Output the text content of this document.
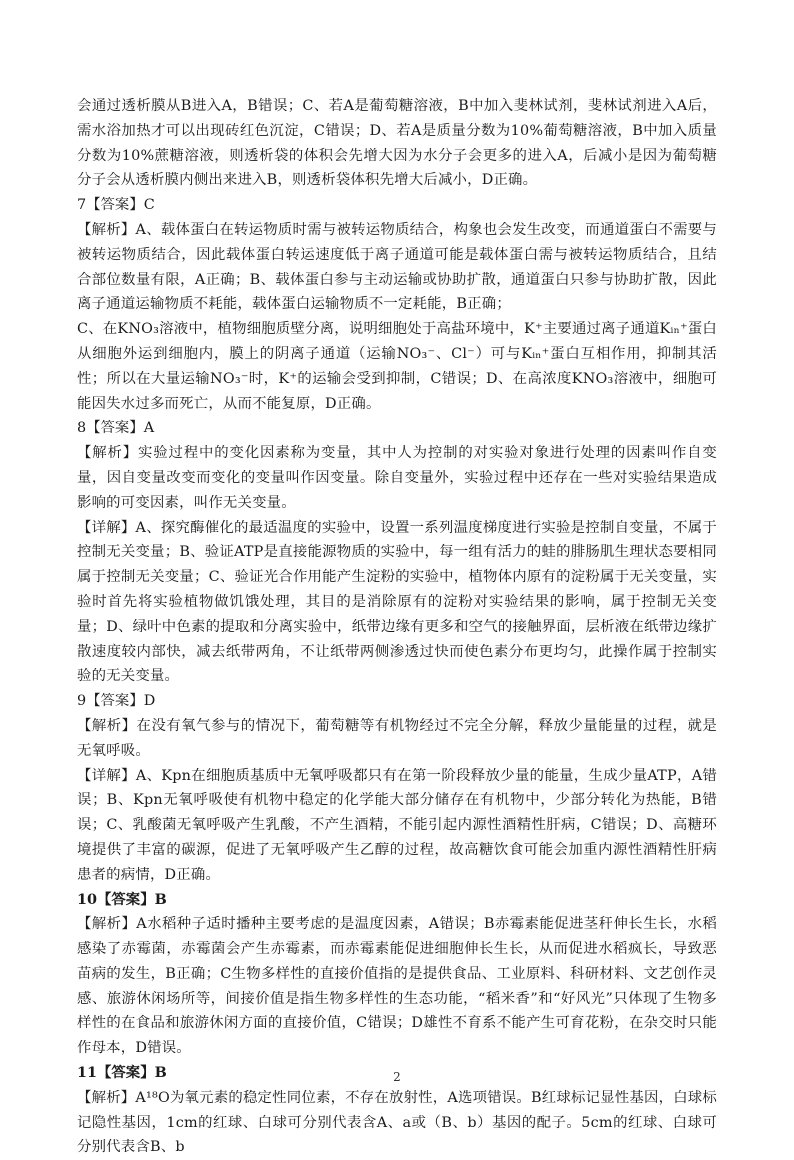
会通过透析膜从B进入A，B错误；C、若A是葡萄糖溶液，B中加入斐林试剂，斐林试剂进入A后，需水浴加热才可以出现砖红色沉淀，C错误；D、若A是质量分数为10%葡萄糖溶液，B中加入质量分数为10%蔗糖溶液，则透析袋的体积会先增大因为水分子会更多的进入A，后减小是因为葡萄糖分子会从透析膜内侧出来进入B，则透析袋体积先增大后减小，D正确。
7【答案】C
【解析】A、载体蛋白在转运物质时需与被转运物质结合，构象也会发生改变，而通道蛋白不需要与被转运物质结合，因此载体蛋白转运速度低于离子通道可能是载体蛋白需与被转运物质结合，且结合部位数量有限，A正确；B、载体蛋白参与主动运输或协助扩散，通道蛋白只参与协助扩散，因此离子通道运输物质不耗能，载体蛋白运输物质不一定耗能，B正确；
C、在KNO₃溶液中，植物细胞质壁分离，说明细胞处于高盐环境中，K⁺主要通过离子通道Kᵢₙ⁺蛋白从细胞外运到细胞内，膜上的阴离子通道（运输NO₃⁻、Cl⁻）可与Kᵢₙ⁺蛋白互相作用，抑制其活性；所以在大量运输NO₃⁻时，K⁺的运输会受到抑制，C错误；D、在高浓度KNO₃溶液中，细胞可能因失水过多而死亡，从而不能复原，D正确。
8【答案】A
【解析】实验过程中的变化因素称为变量，其中人为控制的对实验对象进行处理的因素叫作自变量，因自变量改变而变化的变量叫作因变量。除自变量外，实验过程中还存在一些对实验结果造成影响的可变因素，叫作无关变量。
【详解】A、探究酶催化的最适温度的实验中，设置一系列温度梯度进行实验是控制自变量，不属于控制无关变量；B、验证ATP是直接能源物质的实验中，每一组有活力的蛙的腓肠肌生理状态要相同属于控制无关变量；C、验证光合作用能产生淀粉的实验中，植物体内原有的淀粉属于无关变量，实验时首先将实验植物做饥饿处理，其目的是消除原有的淀粉对实验结果的影响，属于控制无关变量；D、绿叶中色素的提取和分离实验中，纸带边缘有更多和空气的接触界面，层析液在纸带边缘扩散速度较内部快，减去纸带两角，不让纸带两侧渗透过快而使色素分布更均匀，此操作属于控制实验的无关变量。
9【答案】D
【解析】在没有氧气参与的情况下，葡萄糖等有机物经过不完全分解，释放少量能量的过程，就是无氧呼吸。
【详解】A、Kpn在细胞质基质中无氧呼吸都只有在第一阶段释放少量的能量，生成少量ATP，A错误；B、Kpn无氧呼吸使有机物中稳定的化学能大部分储存在有机物中，少部分转化为热能，B错误；C、乳酸菌无氧呼吸产生乳酸，不产生酒精，不能引起内源性酒精性肝病，C错误；D、高糖环境提供了丰富的碳源，促进了无氧呼吸产生乙醇的过程，故高糖饮食可能会加重内源性酒精性肝病患者的病情，D正确。
10【答案】B
【解析】A水稻种子适时播种主要考虑的是温度因素，A错误；B赤霉素能促进茎秆伸长生长，水稻感染了赤霉菌，赤霉菌会产生赤霉素，而赤霉素能促进细胞伸长生长，从而促进水稻疯长，导致恶苗病的发生，B正确；C生物多样性的直接价值指的是提供食品、工业原料、科研材料、文艺创作灵感、旅游休闲场所等，间接价值是指生物多样性的生态功能，“稻米香”和“好风光”只体现了生物多样性的在食品和旅游休闲方面的直接价值，C错误；D雄性不育系不能产生可育花粉，在杂交时只能作母本，D错误。
11【答案】B
【解析】A¹⁸O为氧元素的稳定性同位素，不存在放射性，A选项错误。B红球标记显性基因，白球标记隐性基因，1cm的红球、白球可分别代表含A、a或（B、b）基因的配子。5cm的红球、白球可分别代表含B、b
2
